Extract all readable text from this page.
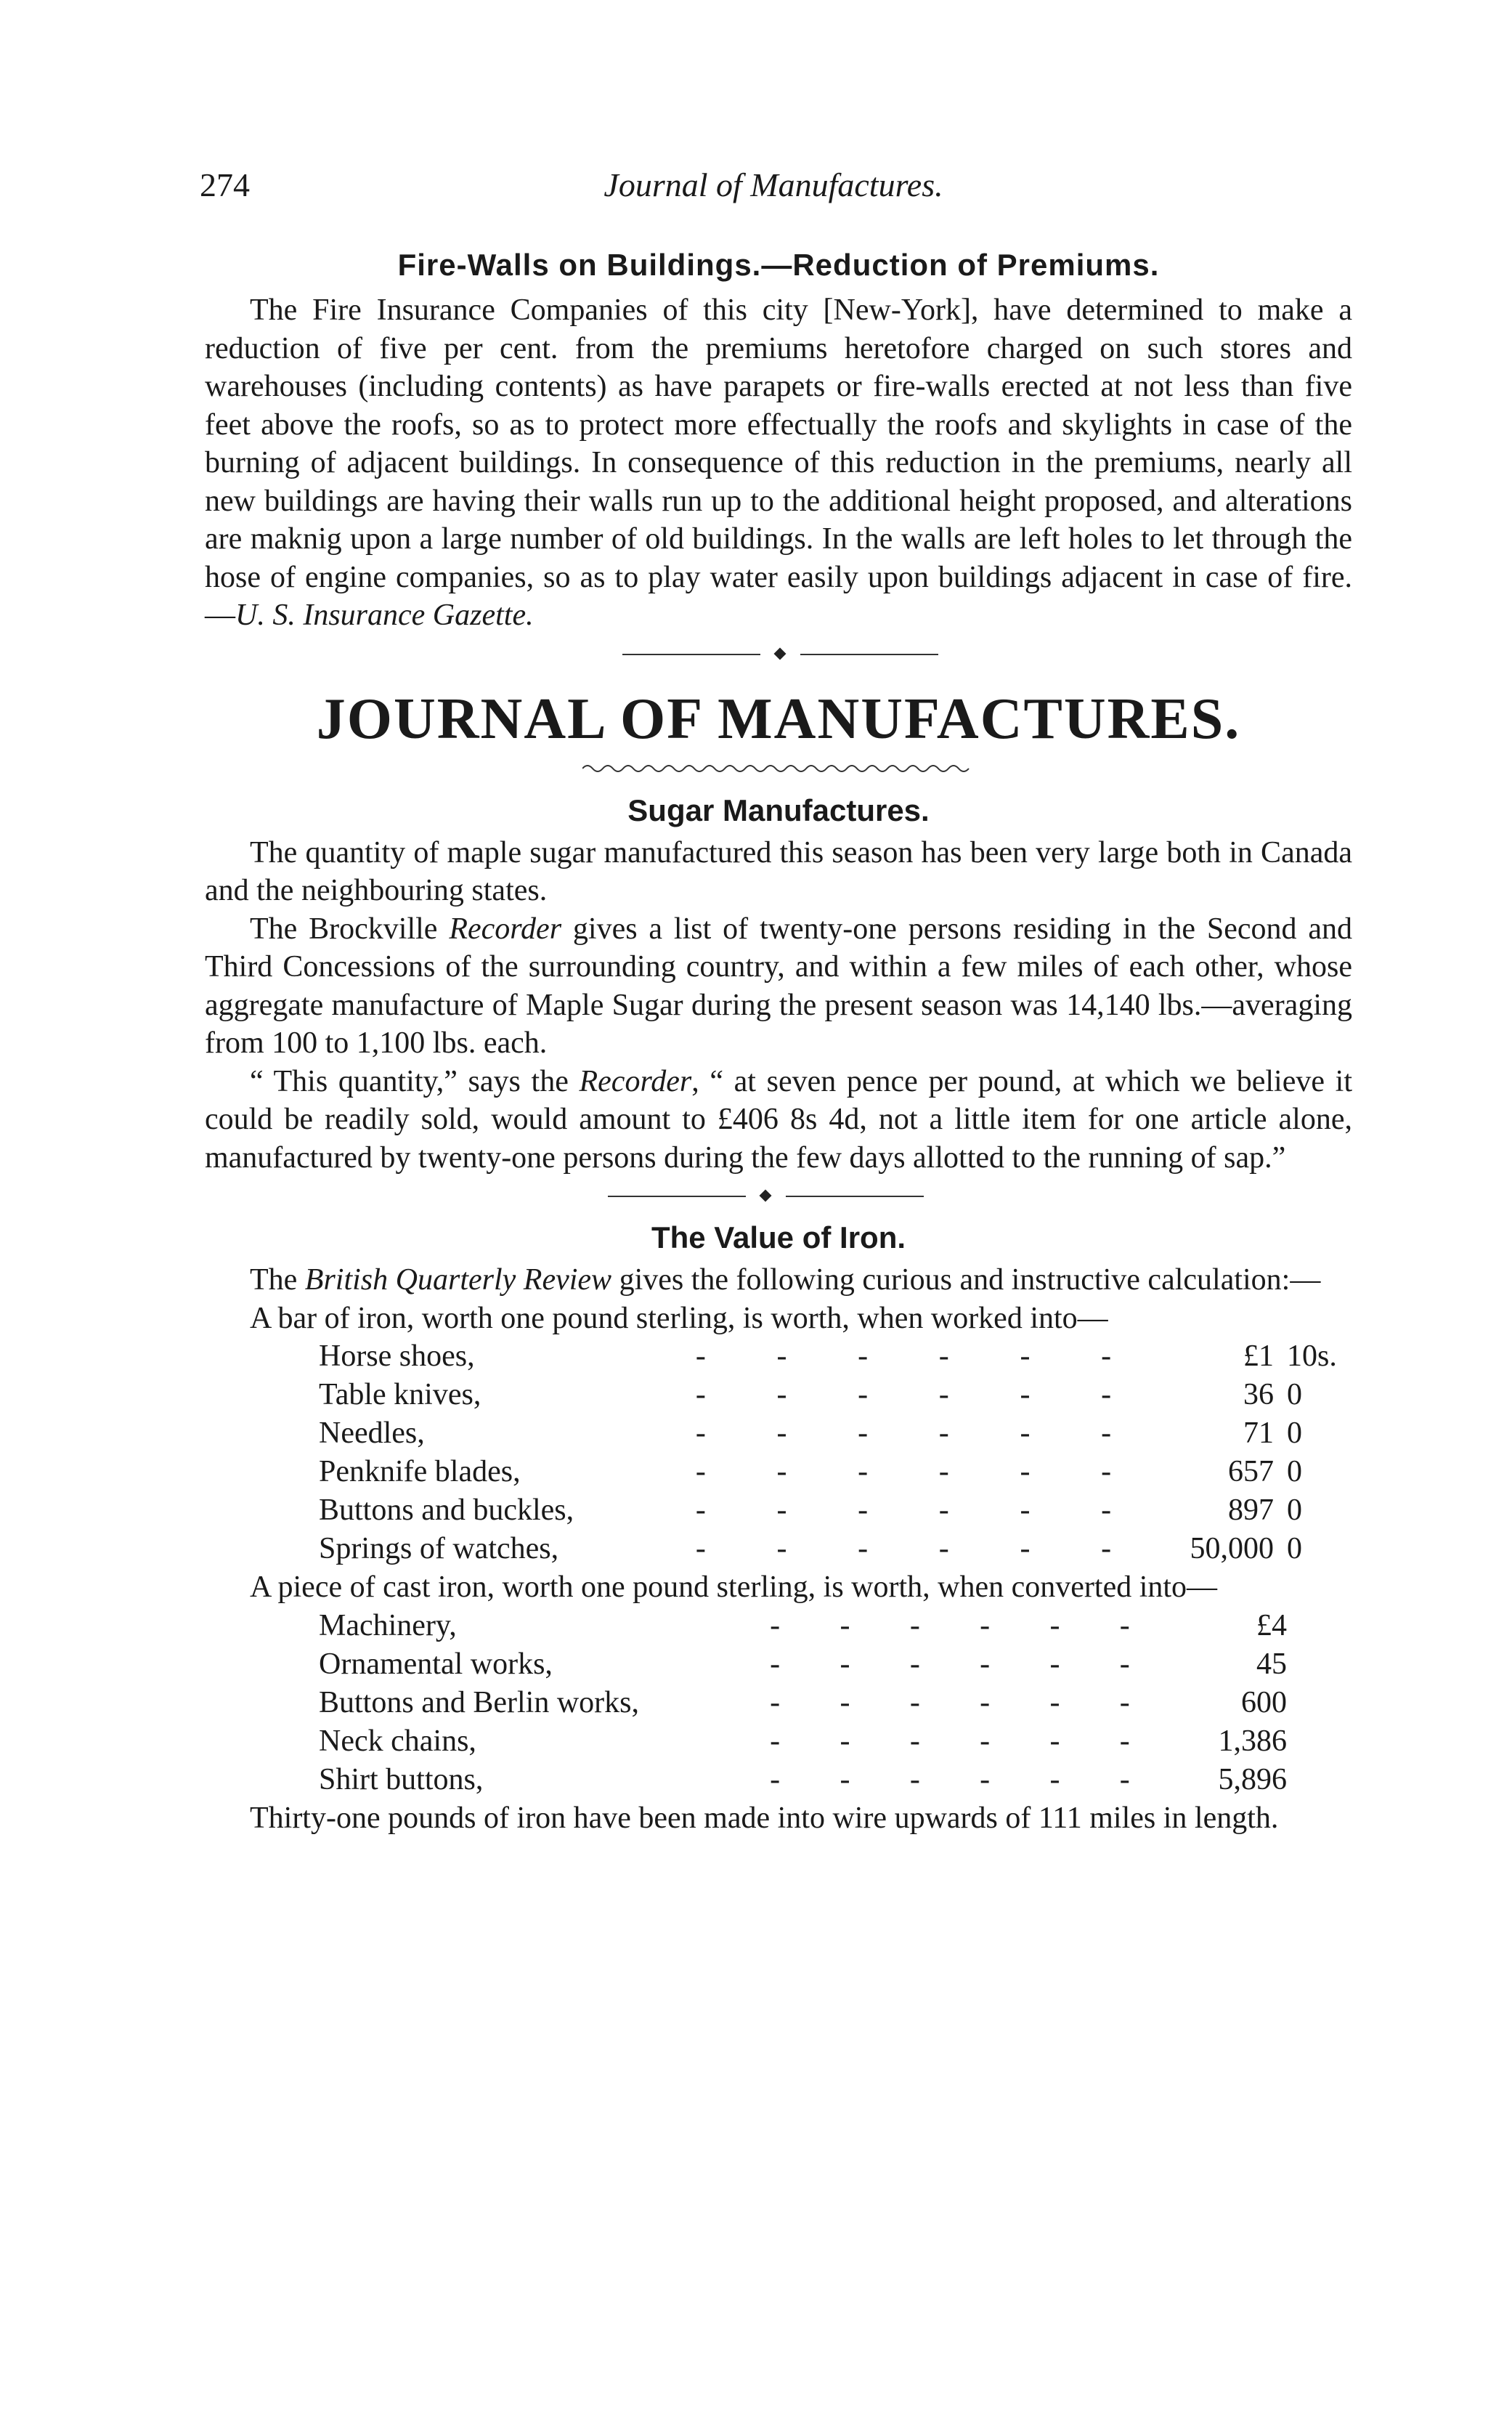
274	Journal of Manufactures.
Fire-Walls on Buildings.—Reduction of Premiums.

The Fire Insurance Companies of this city [New-York], have determined to make a reduction of five per cent. from the premiums heretofore charged on such stores and warehouses (including contents) as have parapets or fire-walls erected at not less than five feet above the roofs, so as to protect more effectually the roofs and skylights in case of the burning of adjacent buildings. In consequence of this reduction in the premiums, nearly all new buildings are having their walls run up to the additional height proposed, and alterations are maknig upon a large number of old buildings. In the walls are left holes to let through the hose of engine companies, so as to play water easily upon buildings adjacent in case of fire.—U. S. Insurance Gazette.

JOURNAL OF MANUFACTURES.
Sugar Manufactures.

The quantity of maple sugar manufactured this season has been very large both in Canada and the neighbouring states.

The Brockville Recorder gives a list of twenty-one persons residing in the Second and Third Concessions of the surrounding country, and within a few miles of each other, whose aggregate manufacture of Maple Sugar during the present season was 14,140 lbs.—averaging from 100 to 1,100 lbs. each.

“ This quantity,” says the Recorder, “ at seven pence per pound, at which we believe it could be readily sold, would amount to £406 8s 4d, not a little item for one article alone, manufactured by twenty-one persons during the few days allotted to the running of sap.”

The Value of Iron.

The British Quarterly Review gives the following curious and instructive calculation:—

A bar of iron, worth one pound sterling, is worth, when worked into—

Horse shoes,	- - - - - -	£1 10s.
Table knives,	- - - - - -	36 0
Needles,	- - - - - -	71 0
Penknife blades,	- - - - - -	657 0
Buttons and buckles,	- - - - - -	897 0
Springs of watches,	- - - - - -	50,000 0

A piece of cast iron, worth one pound sterling, is worth, when converted into—

Machinery,	- - - - - -	£4
Ornamental works,	- - - - - -	45
Buttons and Berlin works,	- - - - - -	600
Neck chains,	- - - - - -	1,386
Shirt buttons,	- - - - - -	5,896

Thirty-one pounds of iron have been made into wire upwards of 111 miles in length.
